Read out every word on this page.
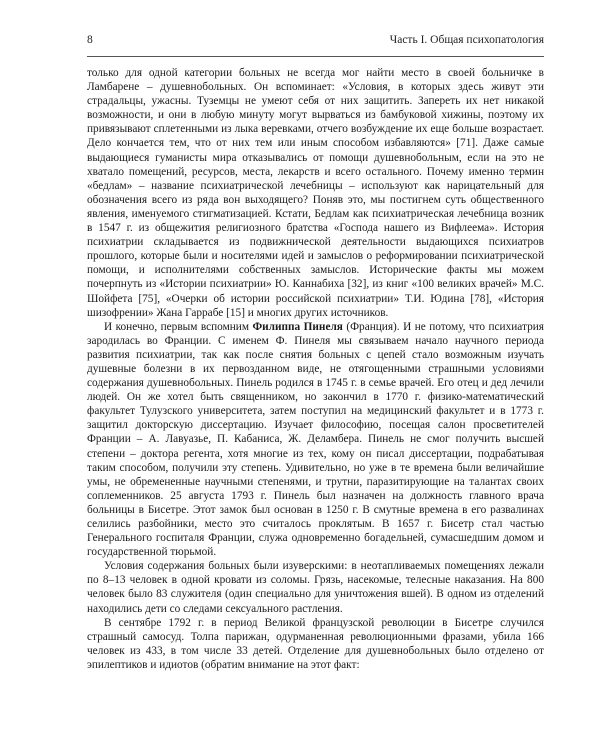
8	Часть I. Общая психопатология

только для одной категории больных не всегда мог найти место в своей больничке в Ламбарене – душевнобольных. Он вспоминает: «Условия, в которых здесь живут эти страдальцы, ужасны. Туземцы не умеют себя от них защитить. Запереть их нет никакой возможности, и они в любую минуту могут вырваться из бамбуковой хижины, поэтому их привязывают сплетенными из лыка веревками, отчего возбуждение их еще больше возрастает. Дело кончается тем, что от них тем или иным способом избавляются» [71]. Даже самые выдающиеся гуманисты мира отказывались от помощи душевнобольным, если на это не хватало помещений, ресурсов, места, лекарств и всего остального. Почему именно термин «бедлам» – название психиатрической лечебницы – используют как нарицательный для обозначения всего из ряда вон выходящего? Поняв это, мы постигнем суть общественного явления, именуемого стигматизацией. Кстати, Бедлам как психиатрическая лечебница возник в 1547 г. из общежития религиозного братства «Господа нашего из Вифлеема». История психиатрии складывается из подвижнической деятельности выдающихся психиатров прошлого, которые были и носителями идей и замыслов о реформировании психиатрической помощи, и исполнителями собственных замыслов. Исторические факты мы можем почерпнуть из «Истории психиатрии» Ю. Каннабиха [32], из книг «100 великих врачей» М.С. Шойфета [75], «Очерки об истории российской психиатрии» Т.И. Юдина [78], «История шизофрении» Жана Гаррабе [15] и многих других источников.

И конечно, первым вспомним Филиппа Пинеля (Франция). И не потому, что психиатрия зародилась во Франции. С именем Ф. Пинеля мы связываем начало научного периода развития психиатрии, так как после снятия больных с цепей стало возможным изучать душевные болезни в их первозданном виде, не отягощенными страшными условиями содержания душевнобольных. Пинель родился в 1745 г. в семье врачей. Его отец и дед лечили людей. Он же хотел быть священником, но закончил в 1770 г. физико-математический факультет Тулузского университета, затем поступил на медицинский факультет и в 1773 г. защитил докторскую диссертацию. Изучает философию, посещая салон просветителей Франции – А. Лавуазье, П. Кабаниса, Ж. Деламбера. Пинель не смог получить высшей степени – доктора регента, хотя многие из тех, кому он писал диссертации, подрабатывая таким способом, получили эту степень. Удивительно, но уже в те времена были величайшие умы, не обремененные научными степенями, и трутни, паразитирующие на талантах своих соплеменников. 25 августа 1793 г. Пинель был назначен на должность главного врача больницы в Бисетре. Этот замок был основан в 1250 г. В смутные времена в его развалинах селились разбойники, место это считалось проклятым. В 1657 г. Бисетр стал частью Генерального госпиталя Франции, служа одновременно богадельней, сумасшедшим домом и государственной тюрьмой.

Условия содержания больных были изуверскими: в неотапливаемых помещениях лежали по 8–13 человек в одной кровати из соломы. Грязь, насекомые, телесные наказания. На 800 человек было 83 служителя (один специально для уничтожения вшей). В одном из отделений находились дети со следами сексуального растления.

В сентябре 1792 г. в период Великой французской революции в Бисетре случился страшный самосуд. Толпа парижан, одурманенная революционными фразами, убила 166 человек из 433, в том числе 33 детей. Отделение для душевнобольных было отделено от эпилептиков и идиотов (обратим внимание на этот факт:
